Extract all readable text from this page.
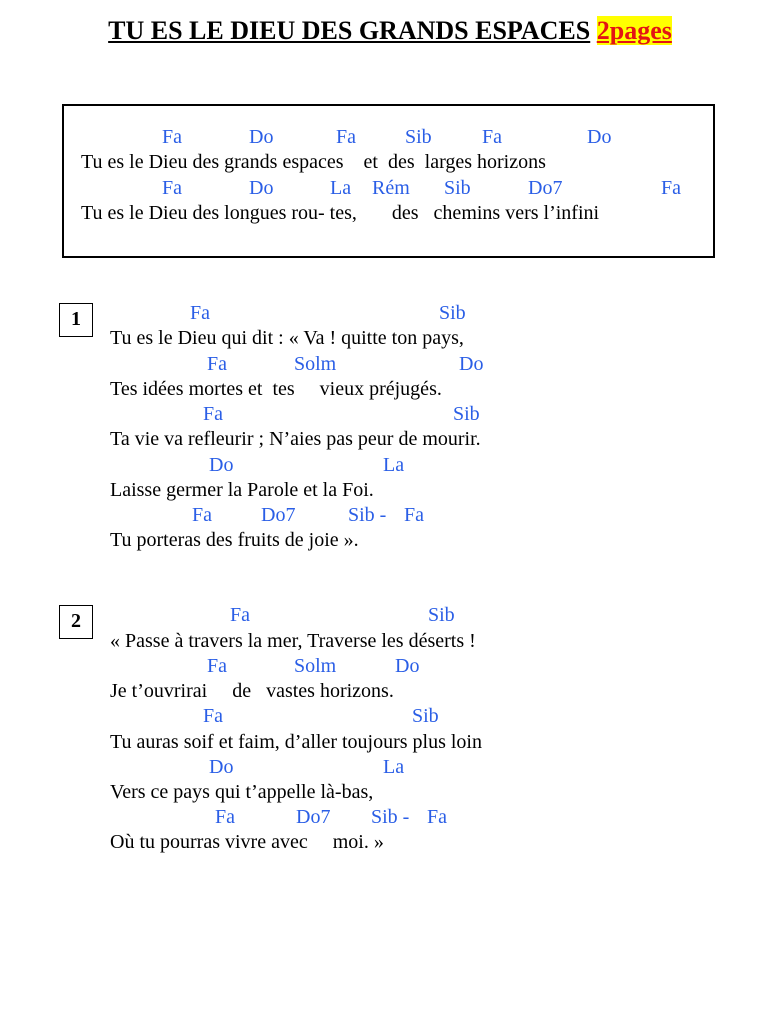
TU ES LE DIEU DES GRANDS ESPACES 2pages
Fa	Do	Fa Sib	Fa	Do
Tu es le Dieu des grands espaces    et  des  larges horizons
Fa	Do	La Rém Sib	Do7	Fa
Tu es le Dieu des longues rou- tes,       des   chemins vers l’infini
1	Fa	Sib
Tu es le Dieu qui dit : « Va ! quitte ton pays,
Fa	Solm	Do
Tes idées mortes et  tes     vieux préjugés.
Fa	Sib
Ta vie va refleurir ; N’aies pas peur de mourir.
Do	La
Laisse germer la Parole et la Foi.
Fa Do7	Sib - Fa
Tu porteras des fruits de joie ».
2	Fa	Sib
« Passe à travers la mer, Traverse les déserts !
Fa	Solm	Do
Je t’ouvrirai     de   vastes horizons.
Fa	Sib
Tu auras soif et faim, d’aller toujours plus loin
Do	La
Vers ce pays qui t’appelle là-bas,
Fa	Do7 Sib - Fa
Où tu pourras vivre avec     moi. »
